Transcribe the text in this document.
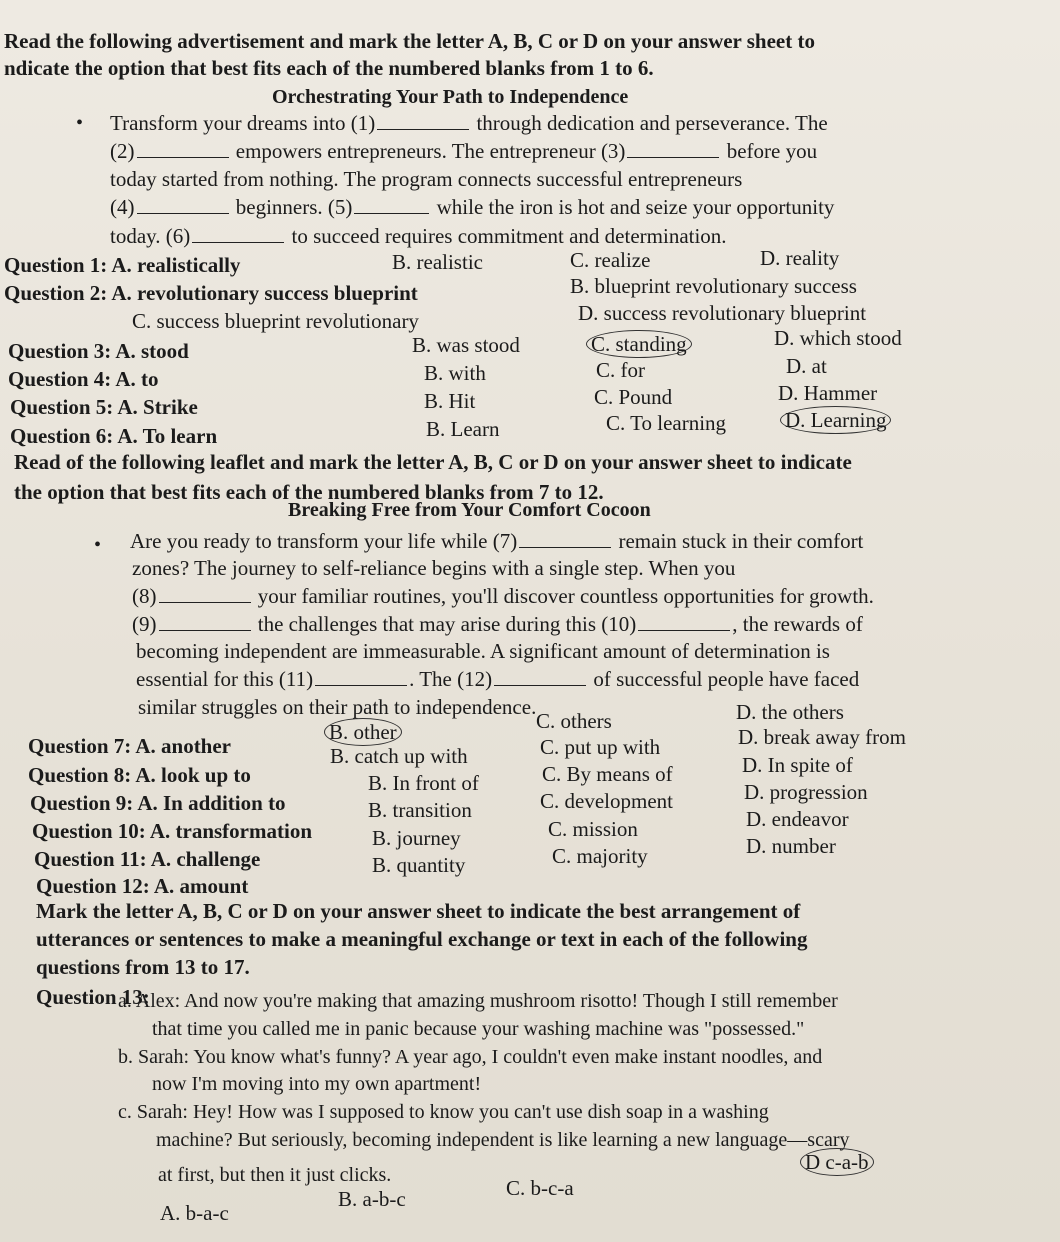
Read the following advertisement and mark the letter A, B, C or D on your answer sheet to
ndicate the option that best fits each of the numbered blanks from 1 to 6.
Orchestrating Your Path to Independence
• Transform your dreams into (1)	through dedication and perseverance. The
(2)	empowers entrepreneurs. The entrepreneur (3)	before you
today started from nothing. The program connects successful entrepreneurs
(4)	beginners. (5)	while the iron is hot and seize your opportunity
today. (6)	to succeed requires commitment and determination.
Question 1: A. realistically	B. realistic	C. realize	D. reality
Question 2: A. revolutionary success blueprint	B. blueprint revolutionary success
C. success blueprint revolutionary	D. success revolutionary blueprint
Question 3: A. stood	B. was stood	C. standing	D. which stood
Question 4: A. to	B. with	C. for	D. at
Question 5: A. Strike	B. Hit	C. Pound	D. Hammer
Question 6: A. To learn	B. Learn	C. To learning	D. Learning
Read of the following leaflet and mark the letter A, B, C or D on your answer sheet to indicate
the option that best fits each of the numbered blanks from 7 to 12.
Breaking Free from Your Comfort Cocoon
• Are you ready to transform your life while (7)	remain stuck in their comfort
zones? The journey to self-reliance begins with a single step. When you
(8)	your familiar routines, you'll discover countless opportunities for growth.
(9)	the challenges that may arise during this (10)	, the rewards of
becoming independent are immeasurable. A significant amount of determination is
essential for this (11)	. The (12)	of successful people have faced
similar struggles on their path to independence.
Question 7: A. another
B. other	C. others	D. the others
Question 8: A. look up to
B. catch up with	C. put up with	D. break away from
Question 9: A. In addition to
B. In front of	C. By means of	D. In spite of
Question 10: A. transformation
B. transition	C. development	D. progression
Question 11: A. challenge
B. journey	C. mission	D. endeavor
Question 12: A. amount
B. quantity	C. majority	D. number
Mark the letter A, B, C or D on your answer sheet to indicate the best arrangement of
utterances or sentences to make a meaningful exchange or text in each of the following
questions from 13 to 17.
Question 13:
a. Alex: And now you're making that amazing mushroom risotto! Though I still remember
that time you called me in panic because your washing machine was "possessed."
b. Sarah: You know what's funny? A year ago, I couldn't even make instant noodles, and
now I'm moving into my own apartment!
c. Sarah: Hey! How was I supposed to know you can't use dish soap in a washing
machine? But seriously, becoming independent is like learning a new language—scary
at first, but then it just clicks.
A. b-a-c
B. a-b-c	C. b-c-a
D c-a-b
